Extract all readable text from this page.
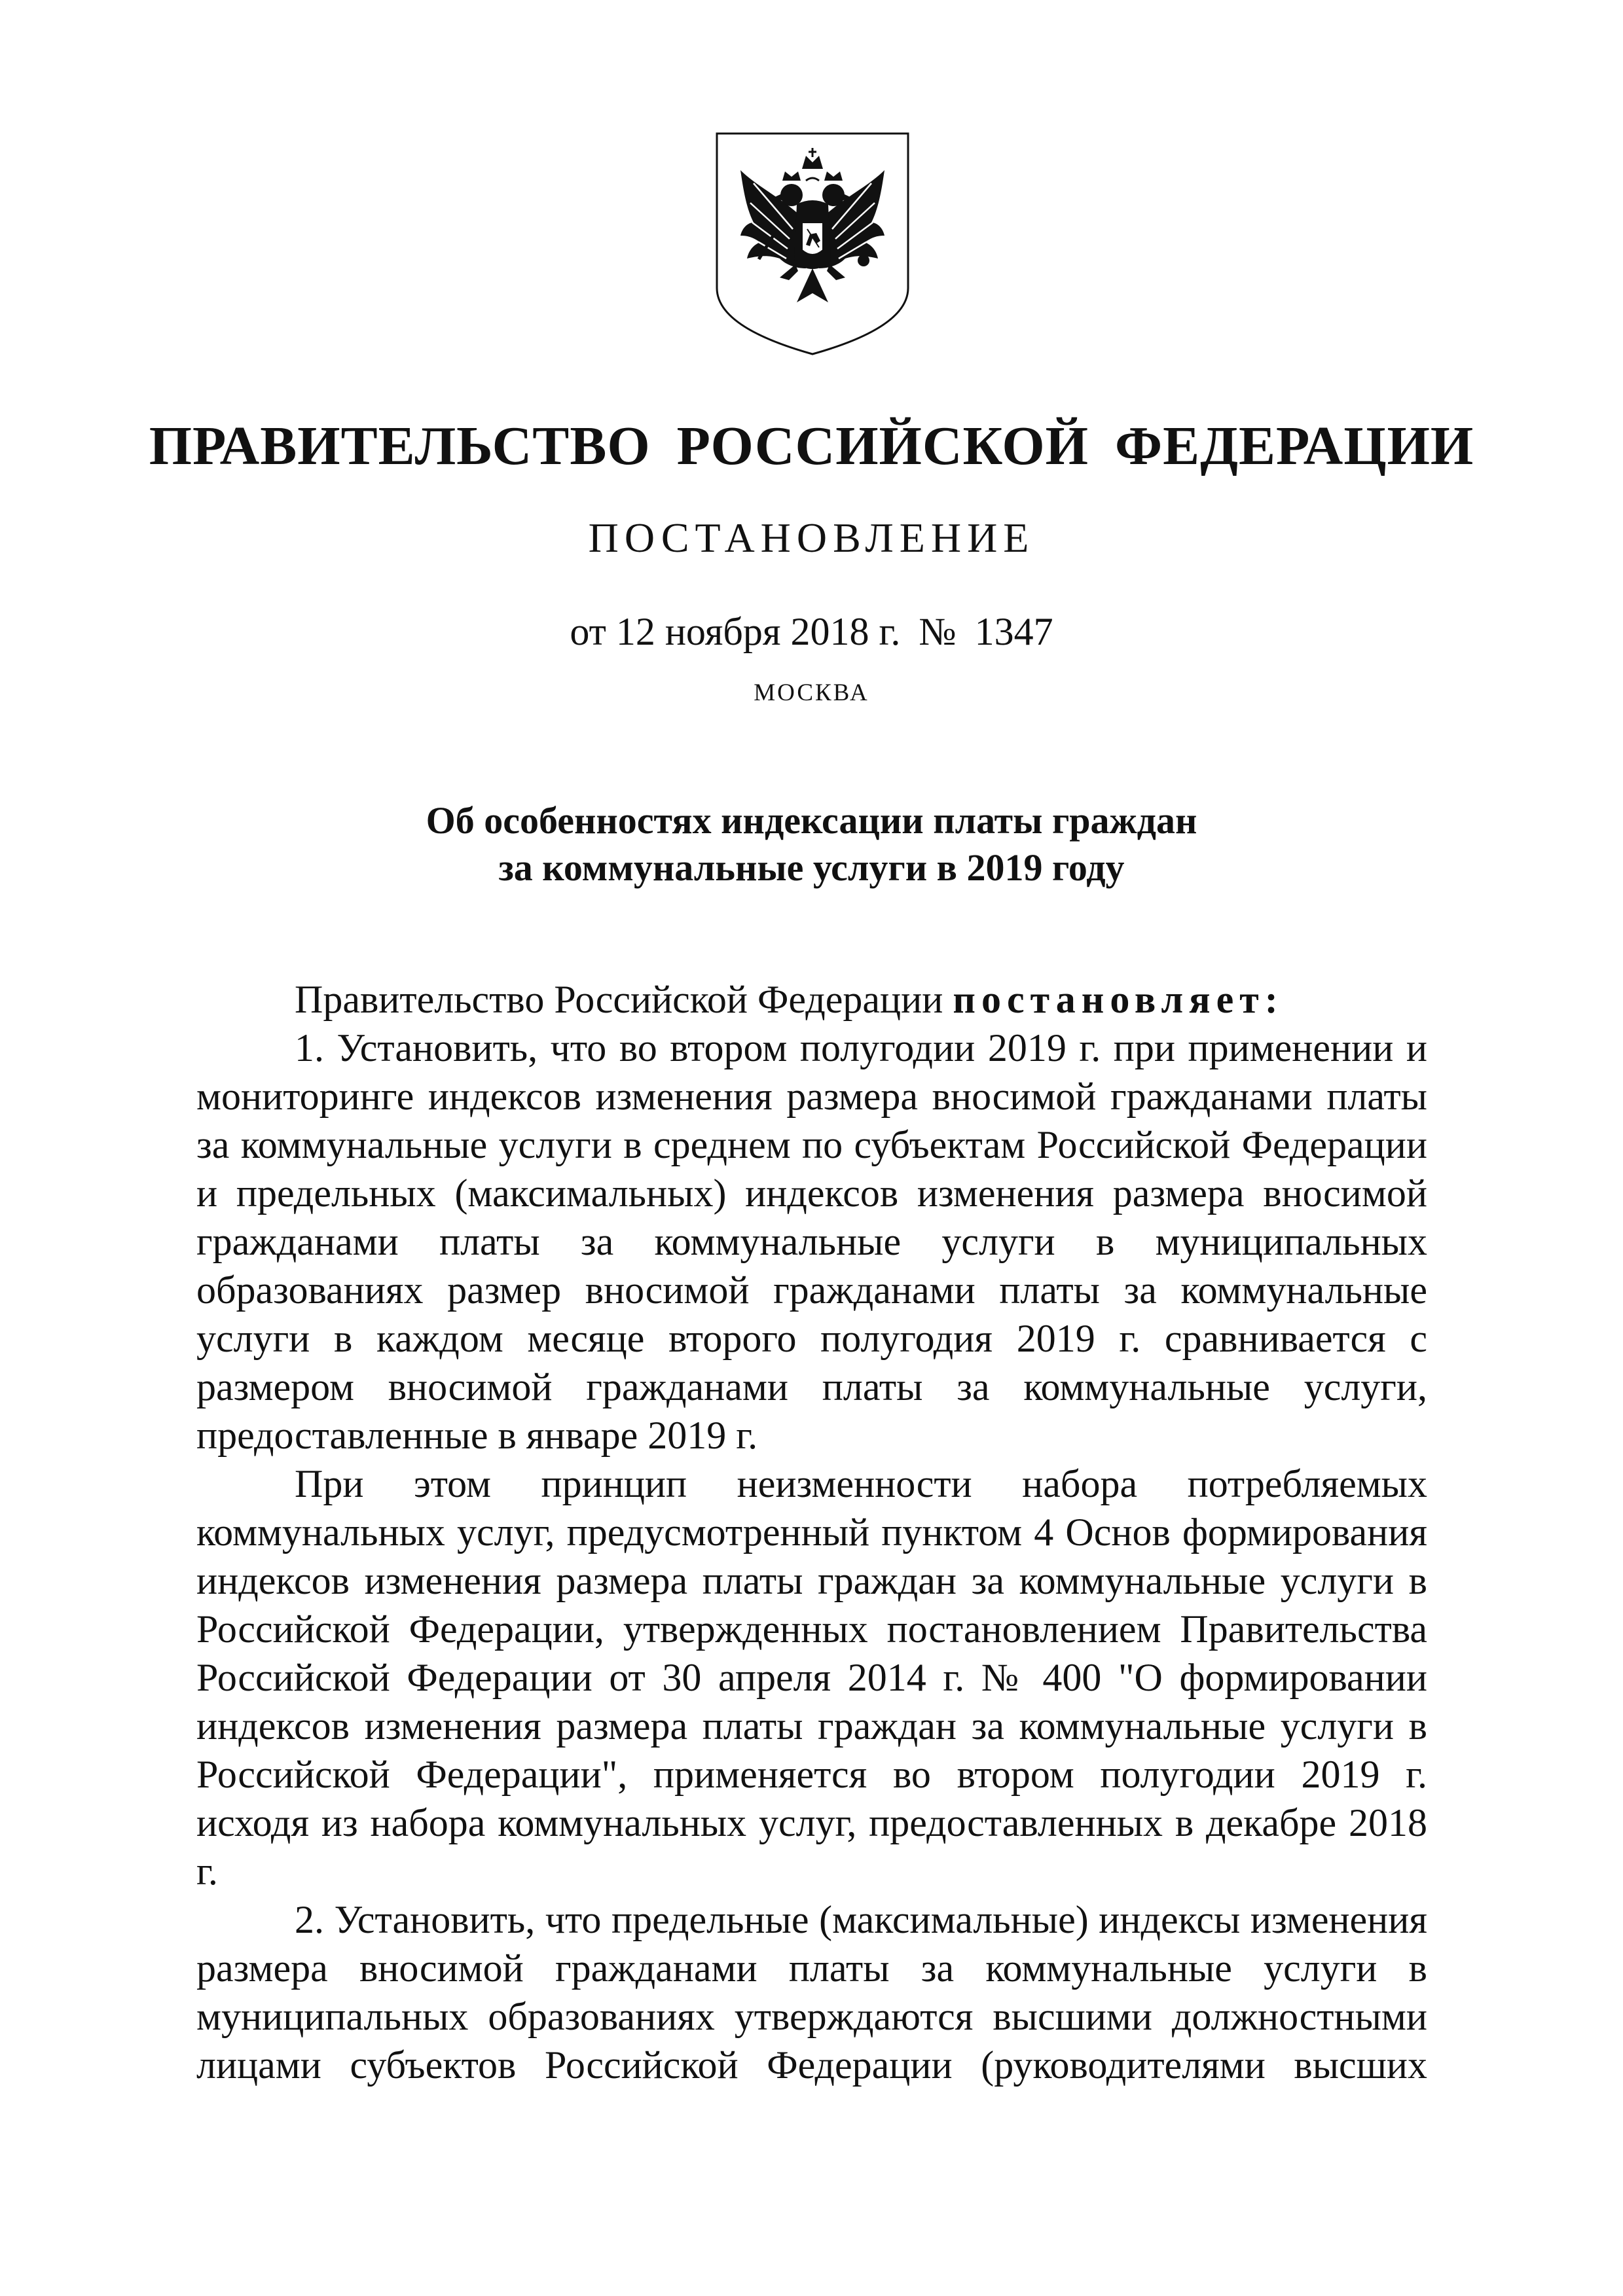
ПРАВИТЕЛЬСТВО РОССИЙСКОЙ ФЕДЕРАЦИИ
ПОСТАНОВЛЕНИЕ
от 12 ноября 2018 г. № 1347
МОСКВА
Об особенностях индексации платы граждан
за коммунальные услуги в 2019 году

Правительство Российской Федерации постановляет:

1. Установить, что во втором полугодии 2019 г. при применении и мониторинге индексов изменения размера вносимой гражданами платы за коммунальные услуги в среднем по субъектам Российской Федерации и предельных (максимальных) индексов изменения размера вносимой гражданами платы за коммунальные услуги в муниципальных образованиях размер вносимой гражданами платы за коммунальные услуги в каждом месяце второго полугодия 2019 г. сравнивается с размером вносимой гражданами платы за коммунальные услуги, предоставленные в январе 2019 г.

При этом принцип неизменности набора потребляемых коммунальных услуг, предусмотренный пунктом 4 Основ формирования индексов изменения размера платы граждан за коммунальные услуги в Российской Федерации, утвержденных постановлением Правительства Российской Федерации от 30 апреля 2014 г. № 400 "О формировании индексов изменения размера платы граждан за коммунальные услуги в Российской Федерации", применяется во втором полугодии 2019 г. исходя из набора коммунальных услуг, предоставленных в декабре 2018 г.

2. Установить, что предельные (максимальные) индексы изменения размера вносимой гражданами платы за коммунальные услуги в муниципальных образованиях утверждаются высшими должностными лицами субъектов Российской Федерации (руководителями высших
